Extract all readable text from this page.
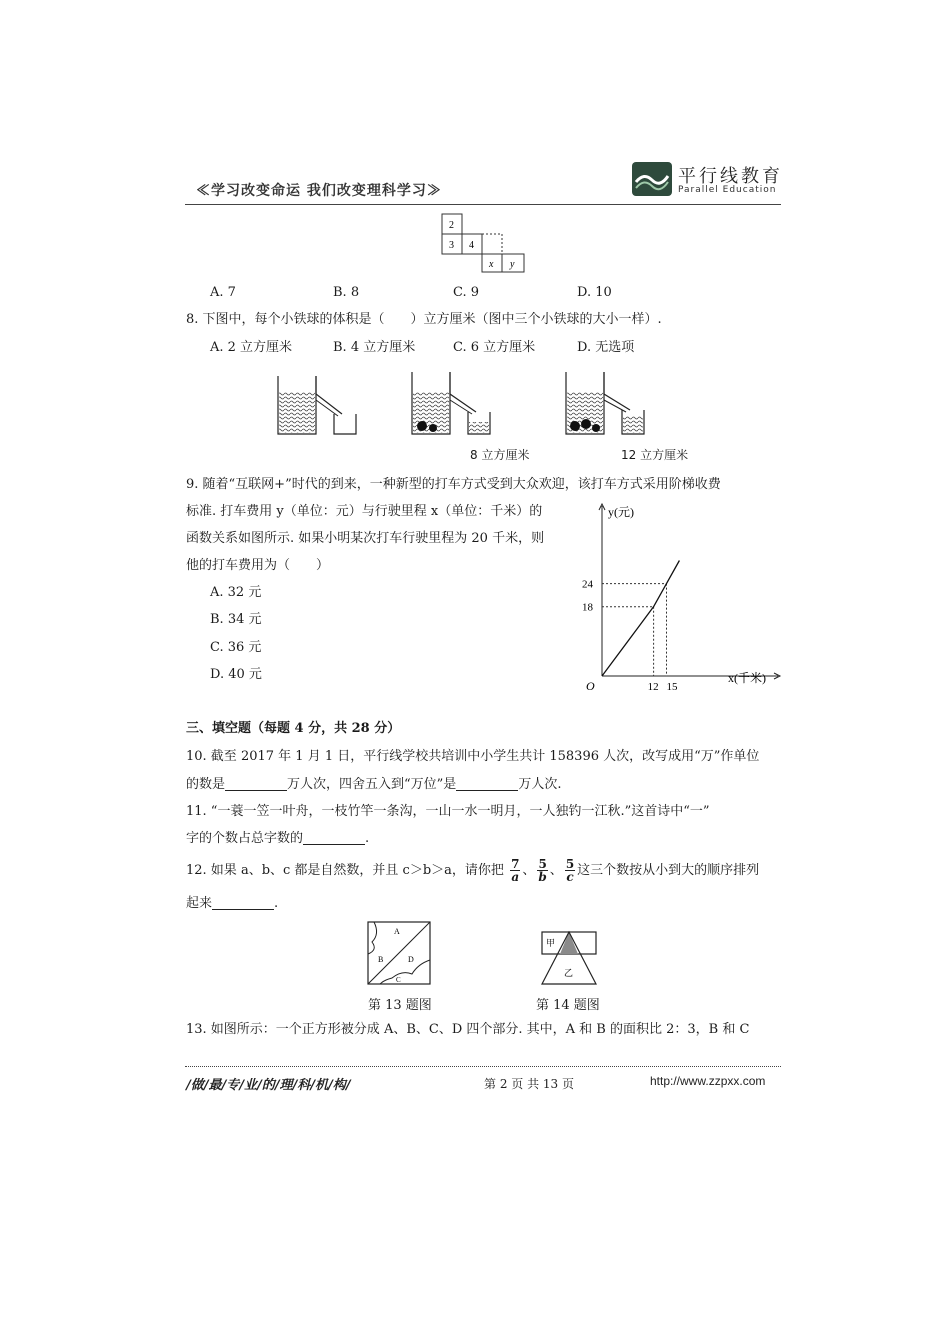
≪学习改变命运 我们改变理科学习≫
平行线教育
Parallel Education
2
3 4
x y
A. 7	B. 8	C. 9	D. 10
8. 下图中，每个小铁球的体积是（　　）立方厘米（图中三个小铁球的大小一样）.
A. 2 立方厘米	B. 4 立方厘米	C. 6 立方厘米	D. 无选项
8 立方厘米	12 立方厘米
9. 随着“互联网+”时代的到来，一种新型的打车方式受到大众欢迎，该打车方式采用阶梯收费
标准. 打车费用 y（单位：元）与行驶里程 x（单位：千米）的
函数关系如图所示. 如果小明某次打车行驶里程为 20 千米，则
他的打车费用为（　　）
A. 32 元
B. 34 元
C. 36 元
D. 40 元
O
x(千米)
y(元)
18
24
12 15
三、填空题（每题 4 分，共 28 分）
10. 截至 2017 年 1 月 1 日，平行线学校共培训中小学生共计 158396 人次，改写成用“万”作单位
的数是	万人次，四舍五入到“万位”是	万人次.
11. “一蓑一笠一叶舟，一枝竹竿一条沟，一山一水一明月，一人独钓一江秋.”这首诗中“一”
字的个数占总字数的	.
12. 如果 a、b、c 都是自然数，并且 c＞b＞a，请你把 $\frac{7}{a}$ 、 $\frac{5}{b}$ 、 $\frac{5}{c}$ 这三个数按从小到大的顺序排列
起来	.
A
B
C
D
第 13 题图
甲
乙
第 14 题图
13. 如图所示：一个正方形被分成 A、B、C、D 四个部分. 其中，A 和 B 的面积比 2：3，B 和 C
/做/最/专/业/的/理/科/机/构/	第 2 页 共 13 页	http://www.zzpxx.com
